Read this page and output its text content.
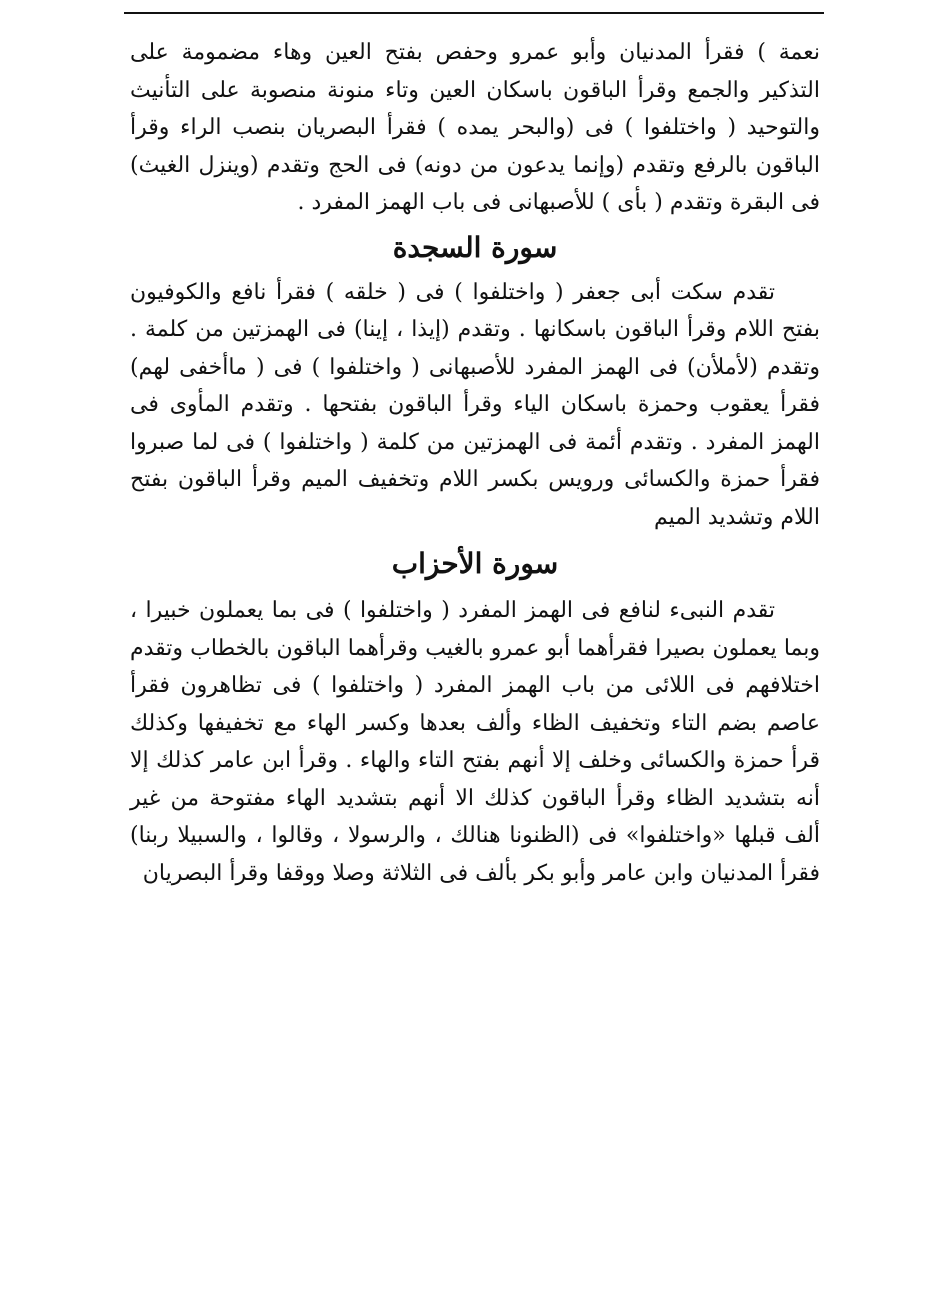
نعمة ) فقرأ المدنيان وأبو عمرو وحفص بفتح العين وهاء مضمومة على التذكير والجمع وقرأ الباقون باسكان العين وتاء منونة منصوبة على التأنيث والتوحيد ( واختلفوا ) فى (والبحر يمده ) فقرأ البصريان بنصب الراء وقرأ الباقون بالرفع وتقدم (وإنما يدعون من دونه) فى الحج وتقدم (وينزل الغيث) فى البقرة وتقدم ( بأى ) للأصبهانى فى باب الهمز المفرد .

سورة السجدة

تقدم سكت أبى جعفر ( واختلفوا ) فى ( خلقه ) فقرأ نافع والكوفيون بفتح اللام وقرأ الباقون باسكانها . وتقدم (إيذا ، إينا) فى الهمزتين من كلمة . وتقدم (لأملأن) فى الهمز المفرد للأصبهانى ( واختلفوا ) فى ( ماأخفى لهم) فقرأ يعقوب وحمزة باسكان الياء وقرأ الباقون بفتحها . وتقدم المأوى فى الهمز المفرد . وتقدم أئمة فى الهمزتين من كلمة ( واختلفوا ) فى لما صبروا فقرأ حمزة والكسائى ورويس بكسر اللام وتخفيف الميم وقرأ الباقون بفتح اللام وتشديد الميم

سورة الأحزاب

تقدم النبىء لنافع فى الهمز المفرد ( واختلفوا ) فى بما يعملون خبيرا ، وبما يعملون بصيرا فقرأهما أبو عمرو بالغيب وقرأهما الباقون بالخطاب وتقدم اختلافهم فى اللائى من باب الهمز المفرد ( واختلفوا ) فى تظاهرون فقرأ عاصم بضم التاء وتخفيف الظاء وألف بعدها وكسر الهاء مع تخفيفها وكذلك قرأ حمزة والكسائى وخلف إلا أنهم بفتح التاء والهاء . وقرأ ابن عامر كذلك إلا أنه بتشديد الظاء وقرأ الباقون كذلك الا أنهم بتشديد الهاء مفتوحة من غير ألف قبلها «واختلفوا» فى (الظنونا هنالك ، والرسولا ، وقالوا ، والسبيلا ربنا) فقرأ المدنيان وابن عامر وأبو بكر بألف فى الثلاثة وصلا ووقفا وقرأ البصريان
